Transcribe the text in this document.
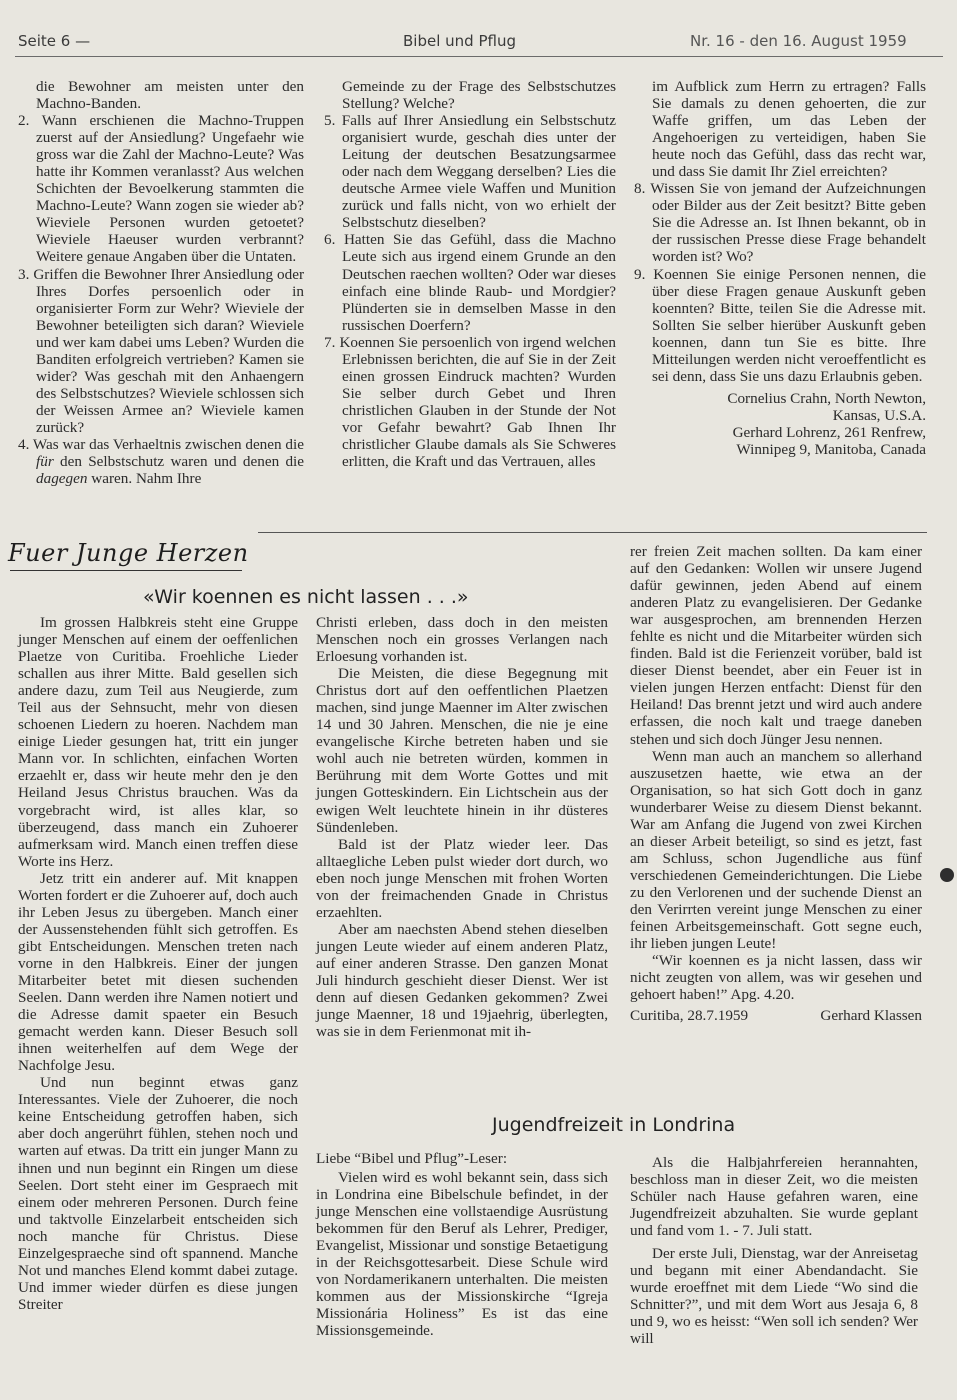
Seite 6 —	Bibel und Pflug	Nr. 16 - den 16. August 1959

die Bewohner am meisten unter den Machno-Banden.

2. Wann erschienen die Machno-Truppen zuerst auf der Ansiedlung? Ungefaehr wie gross war die Zahl der Machno-Leute? Was hatte ihr Kommen veranlasst? Aus welchen Schichten der Bevoelkerung stammten die Machno-Leute? Wann zogen sie wieder ab? Wieviele Personen wurden getoetet? Wieviele Haeuser wurden verbrannt? Weitere genaue Angaben über die Untaten.
3. Griffen die Bewohner Ihrer Ansiedlung oder Ihres Dorfes persoenlich oder in organisierter Form zur Wehr? Wieviele der Bewohner beteiligten sich daran? Wieviele und wer kam dabei ums Leben? Wurden die Banditen erfolgreich vertrieben? Kamen sie wider? Was geschah mit den Anhaengern des Selbstschutzes? Wieviele schlossen sich der Weissen Armee an? Wieviele kamen zurück?
4. Was war das Verhaeltnis zwischen denen die für den Selbstschutz waren und denen die dagegen waren. Nahm Ihre

Gemeinde zu der Frage des Selbstschutzes Stellung? Welche?

5. Falls auf Ihrer Ansiedlung ein Selbstschutz organisiert wurde, geschah dies unter der Leitung der deutschen Besatzungsarmee oder nach dem Weggang derselben? Lies die deutsche Armee viele Waffen und Munition zurück und falls nicht, von wo erhielt der Selbstschutz dieselben?
6. Hatten Sie das Gefühl, dass die Machno Leute sich aus irgend einem Grunde an den Deutschen raechen wollten? Oder war dieses einfach eine blinde Raub- und Mordgier? Plünderten sie in demselben Masse in den russischen Doerfern?
7. Koennen Sie persoenlich von irgend welchen Erlebnissen berichten, die auf Sie in der Zeit einen grossen Eindruck machten? Wurden Sie selber durch Gebet und Ihren christlichen Glauben in der Stunde der Not vor Gefahr bewahrt? Gab Ihnen Ihr christlicher Glaube damals als Sie Schweres erlitten, die Kraft und das Vertrauen, alles

im Aufblick zum Herrn zu ertragen? Falls Sie damals zu denen gehoerten, die zur Waffe griffen, um das Leben der Angehoerigen zu verteidigen, haben Sie heute noch das Gefühl, dass das recht war, und dass Sie damit Ihr Ziel erreichten?

8. Wissen Sie von jemand der Aufzeichnungen oder Bilder aus der Zeit besitzt? Bitte geben Sie die Adresse an. Ist Ihnen bekannt, ob in der russischen Presse diese Frage behandelt worden ist? Wo?
9. Koennen Sie einige Personen nennen, die über diese Fragen genaue Auskunft geben koennten? Bitte, teilen Sie die Adresse mit. Sollten Sie selber hierüber Auskunft geben koennen, dann tun Sie es bitte. Ihre Mitteilungen werden nicht veroeffentlicht es sei denn, dass Sie uns dazu Erlaubnis geben.
Cornelius Crahn, North Newton,
Kansas, U.S.A.
Gerhard Lohrenz, 261 Renfrew,
Winnipeg 9, Manitoba, Canada
Fuer Junge Herzen
«Wir koennen es nicht lassen . . .»

Im grossen Halbkreis steht eine Gruppe junger Menschen auf einem der oeffenlichen Plaetze von Curitiba. Froehliche Lieder schallen aus ihrer Mitte. Bald gesellen sich andere dazu, zum Teil aus Neugierde, zum Teil aus der Sehnsucht, mehr von diesen schoenen Liedern zu hoeren. Nachdem man einige Lieder gesungen hat, tritt ein junger Mann vor. In schlichten, einfachen Worten erzaehlt er, dass wir heute mehr den je den Heiland Jesus Christus brauchen. Was da vorgebracht wird, ist alles klar, so überzeugend, dass manch ein Zuhoerer aufmerksam wird. Manch einen treffen diese Worte ins Herz.

Jetz tritt ein anderer auf. Mit knappen Worten fordert er die Zuhoerer auf, doch auch ihr Leben Jesus zu übergeben. Manch einer der Aussenstehenden fühlt sich getroffen. Es gibt Entscheidungen. Menschen treten nach vorne in den Halbkreis. Einer der jungen Mitarbeiter betet mit diesen suchenden Seelen. Dann werden ihre Namen notiert und die Adresse damit spaeter ein Besuch gemacht werden kann. Dieser Besuch soll ihnen weiterhelfen auf dem Wege der Nachfolge Jesu.

Und nun beginnt etwas ganz Interessantes. Viele der Zuhoerer, die noch keine Entscheidung getroffen haben, sich aber doch angerührt fühlen, stehen noch und warten auf etwas. Da tritt ein junger Mann zu ihnen und nun beginnt ein Ringen um diese Seelen. Dort steht einer im Gespraech mit einem oder mehreren Personen. Durch feine und taktvolle Einzelarbeit entscheiden sich noch manche für Christus. Diese Einzelgespraeche sind oft spannend. Manche Not und manches Elend kommt dabei zutage. Und immer wieder dürfen es diese jungen Streiter

Christi erleben, dass doch in den meisten Menschen noch ein grosses Verlangen nach Erloesung vorhanden ist.

Die Meisten, die diese Begegnung mit Christus dort auf den oeffentlichen Plaetzen machen, sind junge Maenner im Alter zwischen 14 und 30 Jahren. Menschen, die nie je eine evangelische Kirche betreten haben und sie wohl auch nie betreten würden, kommen in Berührung mit dem Worte Gottes und mit jungen Gotteskindern. Ein Lichtschein aus der ewigen Welt leuchtete hinein in ihr düsteres Sündenleben.

Bald ist der Platz wieder leer. Das alltaegliche Leben pulst wieder dort durch, wo eben noch junge Menschen mit frohen Worten von der freimachenden Gnade in Christus erzaehlten.

Aber am naechsten Abend stehen dieselben jungen Leute wieder auf einem anderen Platz, auf einer anderen Strasse. Den ganzen Monat Juli hindurch geschieht dieser Dienst. Wer ist denn auf diesen Gedanken gekommen? Zwei junge Maenner, 18 und 19jaehrig, überlegten, was sie in dem Ferienmonat mit ih-

rer freien Zeit machen sollten. Da kam einer auf den Gedanken: Wollen wir unsere Jugend dafür gewinnen, jeden Abend auf einem anderen Platz zu evangelisieren. Der Gedanke war ausgesprochen, am brennenden Herzen fehlte es nicht und die Mitarbeiter würden sich finden. Bald ist die Ferienzeit vorüber, bald ist dieser Dienst beendet, aber ein Feuer ist in vielen jungen Herzen entfacht: Dienst für den Heiland! Das brennt jetzt und wird auch andere erfassen, die noch kalt und traege daneben stehen und sich doch Jünger Jesu nennen.

Wenn man auch an manchem so allerhand auszusetzen haette, wie etwa an der Organisation, so hat sich Gott doch in ganz wunderbarer Weise zu diesem Dienst bekannt. War am Anfang die Jugend von zwei Kirchen an dieser Arbeit beteiligt, so sind es jetzt, fast am Schluss, schon Jugendliche aus fünf verschiedenen Gemeinderichtungen. Die Liebe zu den Verlorenen und der suchende Dienst an den Verirrten vereint junge Menschen zu einer feinen Arbeitsgemeinschaft. Gott segne euch, ihr lieben jungen Leute!

“Wir koennen es ja nicht lassen, dass wir nicht zeugten von allem, was wir gesehen und gehoert haben!” Apg. 4.20.

Curitiba, 28.7.1959	Gerhard Klassen
Jugendfreizeit in Londrina

Liebe “Bibel und Pflug”-Leser:

Vielen wird es wohl bekannt sein, dass sich in Londrina eine Bibelschule befindet, in der junge Menschen eine vollstaendige Ausrüstung bekommen für den Beruf als Lehrer, Prediger, Evangelist, Missionar und sonstige Betaetigung in der Reichsgottesarbeit. Diese Schule wird von Nordamerikanern unterhalten. Die meisten kommen aus der Missionskirche “Igreja Missionária Holiness” Es ist das eine Missionsgemeinde.

Als die Halbjahrfereien herannahten, beschloss man in dieser Zeit, wo die meisten Schüler nach Hause gefahren waren, eine Jugendfreizeit abzuhalten. Sie wurde geplant und fand vom 1. - 7. Juli statt.

Der erste Juli, Dienstag, war der Anreisetag und begann mit einer Abendandacht. Sie wurde eroeffnet mit dem Liede “Wo sind die Schnitter?”, und mit dem Wort aus Jesaja 6, 8 und 9, wo es heisst: “Wen soll ich senden? Wer will
